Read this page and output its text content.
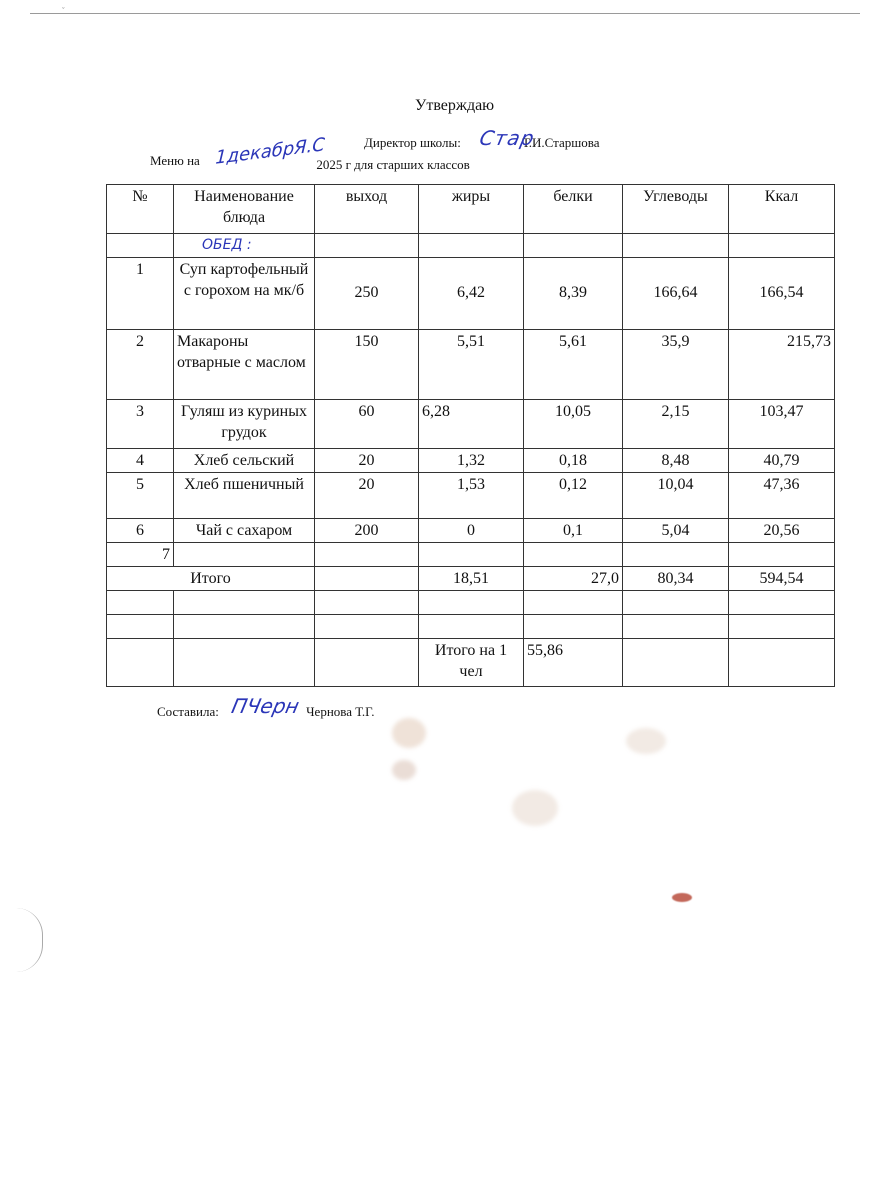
ˇ
Утверждаю
Директор школы:	Т.И.Старшова
Стар
Меню на	2025 г для старших классов
1декабрЯ.С
№	Наименование блюда	выход	жиры	белки	Углеводы	Ккал
	ОБЕД :					
1	Суп картофельный с горохом на мк/б	250	6,42	8,39	166,64	166,54
2	Макароны отварные с маслом	150	5,51	5,61	35,9	215,73
3	Гуляш из куриных грудок	60	6,28	10,05	2,15	103,47
4	Хлеб сельский	20	1,32	0,18	8,48	40,79
5	Хлеб пшеничный	20	1,53	0,12	10,04	47,36
6	Чай с сахаром	200	0	0,1	5,04	20,56
7						
Итого			18,51	27,0	80,34	594,54

			Итого на 1 чел	55,86		
Составила:	Чернова Т.Г.
ПЧерн
